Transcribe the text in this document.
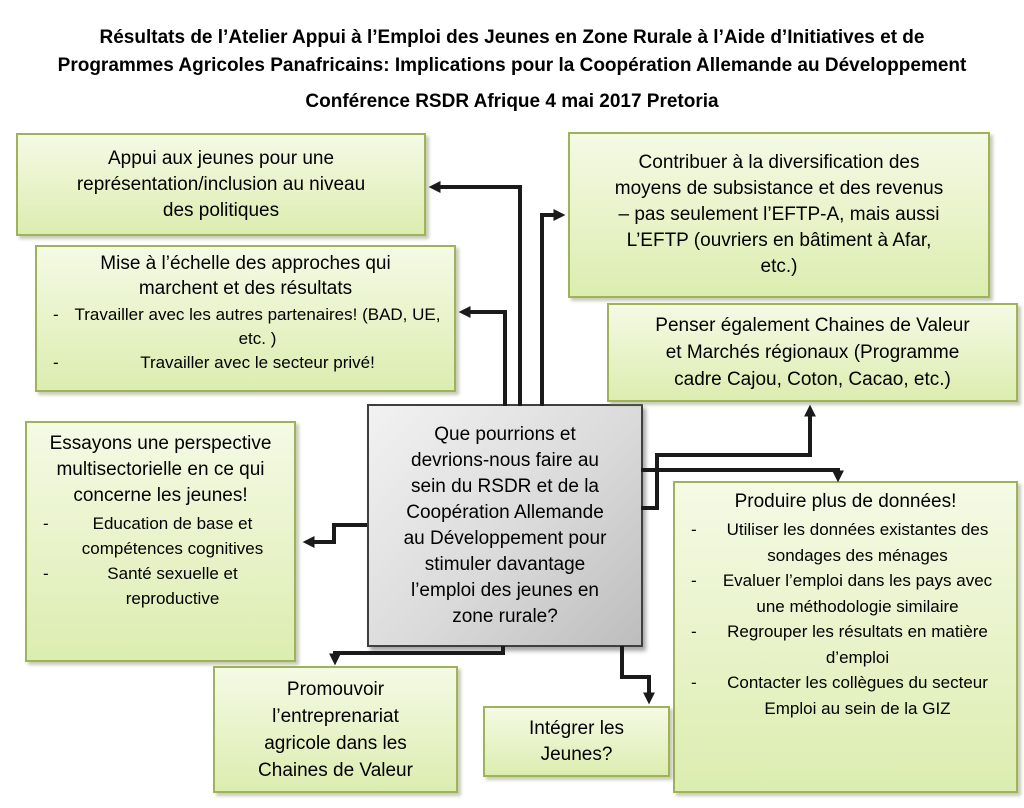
Résultats de l’Atelier Appui à l’Emploi des Jeunes en Zone Rurale à l’Aide d’Initiatives et de
Programmes Agricoles Panafricains: Implications pour la Coopération Allemande au Développement
Conférence RSDR Afrique 4 mai 2017 Pretoria
Appui aux jeunes pour une représentation/inclusion au niveau des politiques
Mise à l’échelle des approches qui marchent et des résultats
- Travailler avec les autres partenaires! (BAD, UE, etc. )
- Travailler avec le secteur privé!
Essayons une perspective multisectorielle en ce qui concerne les jeunes!
- Education de base et compétences cognitives
- Santé sexuelle et reproductive
Promouvoir l’entreprenariat agricole dans les Chaines de Valeur
Que pourrions et devrions-nous faire au sein du RSDR et de la Coopération Allemande au Développement pour stimuler davantage l’emploi des jeunes en zone rurale?
Contribuer à la diversification des moyens de subsistance et des revenus – pas seulement l’EFTP-A, mais aussi L’EFTP (ouvriers en bâtiment à Afar, etc.)
Penser également Chaines de Valeur et Marchés régionaux (Programme cadre Cajou, Coton, Cacao, etc.)
Produire plus de données!
- Utiliser les données existantes des sondages des ménages
- Evaluer l’emploi dans les pays avec une méthodologie similaire
- Regrouper les résultats en matière d’emploi
- Contacter les collègues du secteur Emploi au sein de la GIZ
Intégrer les Jeunes?
